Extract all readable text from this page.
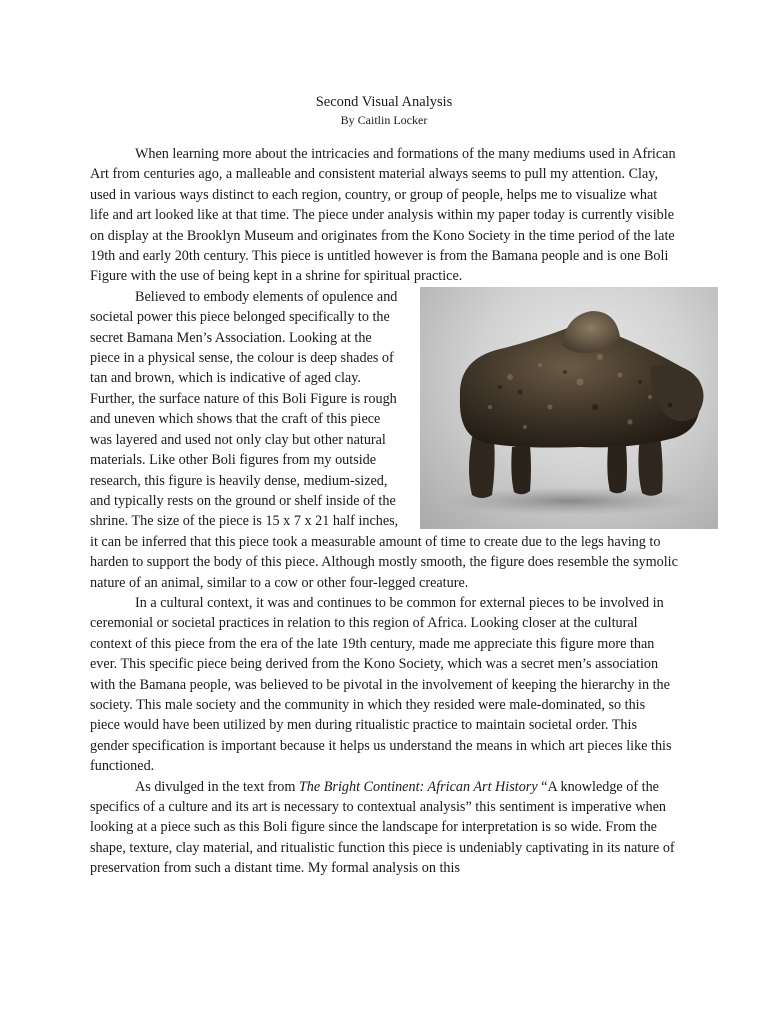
Second Visual Analysis

By Caitlin Locker

When learning more about the intricacies and formations of the many mediums used in African Art from centuries ago, a malleable and consistent material always seems to pull my attention. Clay, used in various ways distinct to each region, country, or group of people, helps me to visualize what life and art looked like at that time. The piece under analysis within my paper today is currently visible on display at the Brooklyn Museum and originates from the Kono Society in the time period of the late 19th and early 20th century. This piece is untitled however is from the Bamana people and is one Boli Figure with the use of being kept in a shrine for spiritual practice.

Believed to embody elements of opulence and societal power this piece belonged specifically to the secret Bamana Men’s Association. Looking at the piece in a physical sense, the colour is deep shades of tan and brown, which is indicative of aged clay. Further, the surface nature of this Boli Figure is rough and uneven which shows that the craft of this piece was layered and used not only clay but other natural materials. Like other Boli figures from my outside research, this figure is heavily dense, medium-sized, and typically rests on the ground or shelf inside of the shrine. The size of the piece is 15 x 7 x 21 half inches, it can be inferred that this piece took a measurable amount of time to create due to the legs having to harden to support the body of this piece. Although mostly smooth, the figure does resemble the symolic nature of an animal, similar to a cow or other four-legged creature.

In a cultural context, it was and continues to be common for external pieces to be involved in ceremonial or societal practices in relation to this region of Africa. Looking closer at the cultural context of this piece from the era of the late 19th century, made me appreciate this figure more than ever. This specific piece being derived from the Kono Society, which was a secret men’s association with the Bamana people, was believed to be pivotal in the involvement of keeping the hierarchy in the society. This male society and the community in which they resided were male-dominated, so this piece would have been utilized by men during ritualistic practice to maintain societal order. This gender specification is important because it helps us understand the means in which art pieces like this functioned.

As divulged in the text from The Bright Continent: African Art History “A knowledge of the specifics of a culture and its art is necessary to contextual analysis” this sentiment is imperative when looking at a piece such as this Boli figure since the landscape for interpretation is so wide. From the shape, texture, clay material, and ritualistic function this piece is undeniably captivating in its nature of preservation from such a distant time. My formal analysis on this
